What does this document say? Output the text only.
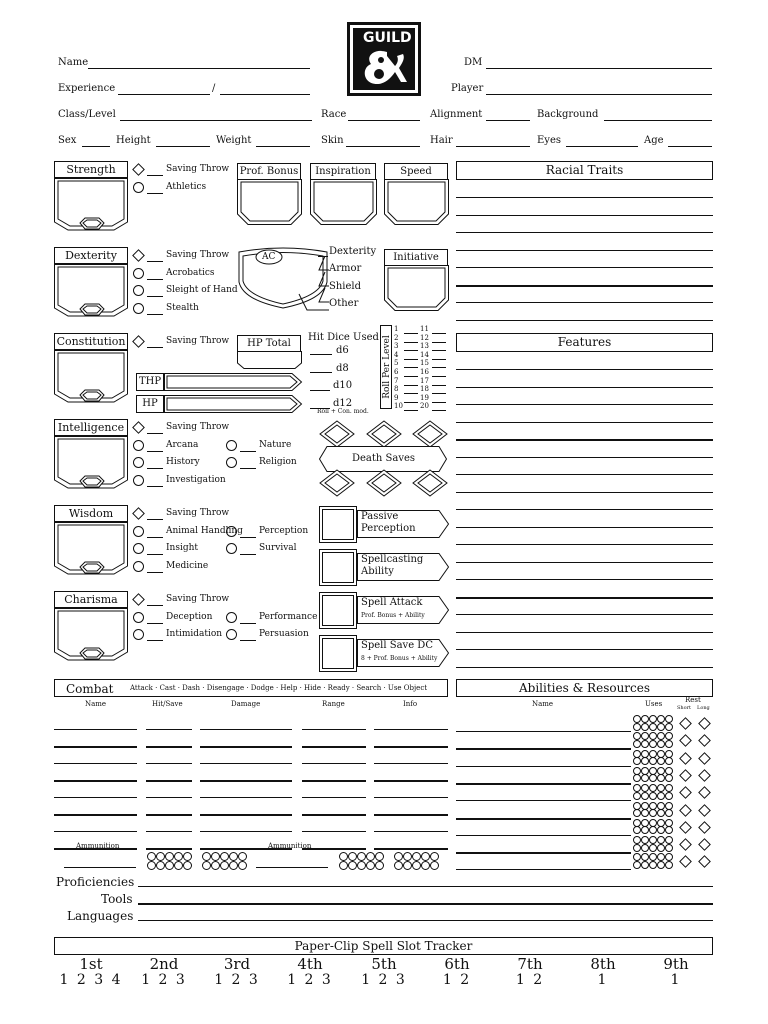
Name	DM
Experience	/	Player
Class/Level	Race	Alignment	Background
Sex	Height	Weight	Skin	Hair	Eyes	Age
GUILD
Strength	Saving Throw
Athletics
Dexterity	Saving Throw
Acrobatics
Sleight of Hand
Stealth
Constitution	Saving Throw
Intelligence	Saving Throw
Arcana
History
Investigation
Nature
Religion
Wisdom	Saving Throw
Animal Handling
Insight
Medicine
Perception
Survival
Charisma	Saving Throw
Deception
Intimidation
Performance
Persuasion
Prof. Bonus	Inspiration	Speed
AC	Dexterity
Armor
Shield
Other
Initiative
HP Total
THP
HP
Hit Dice Used
d6
d8
d10
d12
Roll + Con. mod.
Roll Per Level
1	11
2	12
3	13
4	14
5	15
6	16
7	17
8	18
9	19
10 20
Death Saves
Passive
Perception
Spellcasting
Ability
Spell Attack
Prof. Bonus + Ability
Spell Save DC
8 + Prof. Bonus + Ability
Racial Traits
Features
Combat Attack · Cast · Dash · Disengage · Dodge · Help · Hide · Ready · Search · Use Object	Abilities & Resources
Name	Hit/Save	Damage	Range	Info	Name	Uses	Rest
Short Long
Ammunition	Ammunition
Proficiencies
Tools
Languages
Paper-Clip Spell Slot Tracker
1st
1 2 3 4
2nd
1 2 3
3rd
1 2 3
4th
1 2 3
5th
1 2 3
6th
1 2
7th
1 2
8th
1
9th
1
